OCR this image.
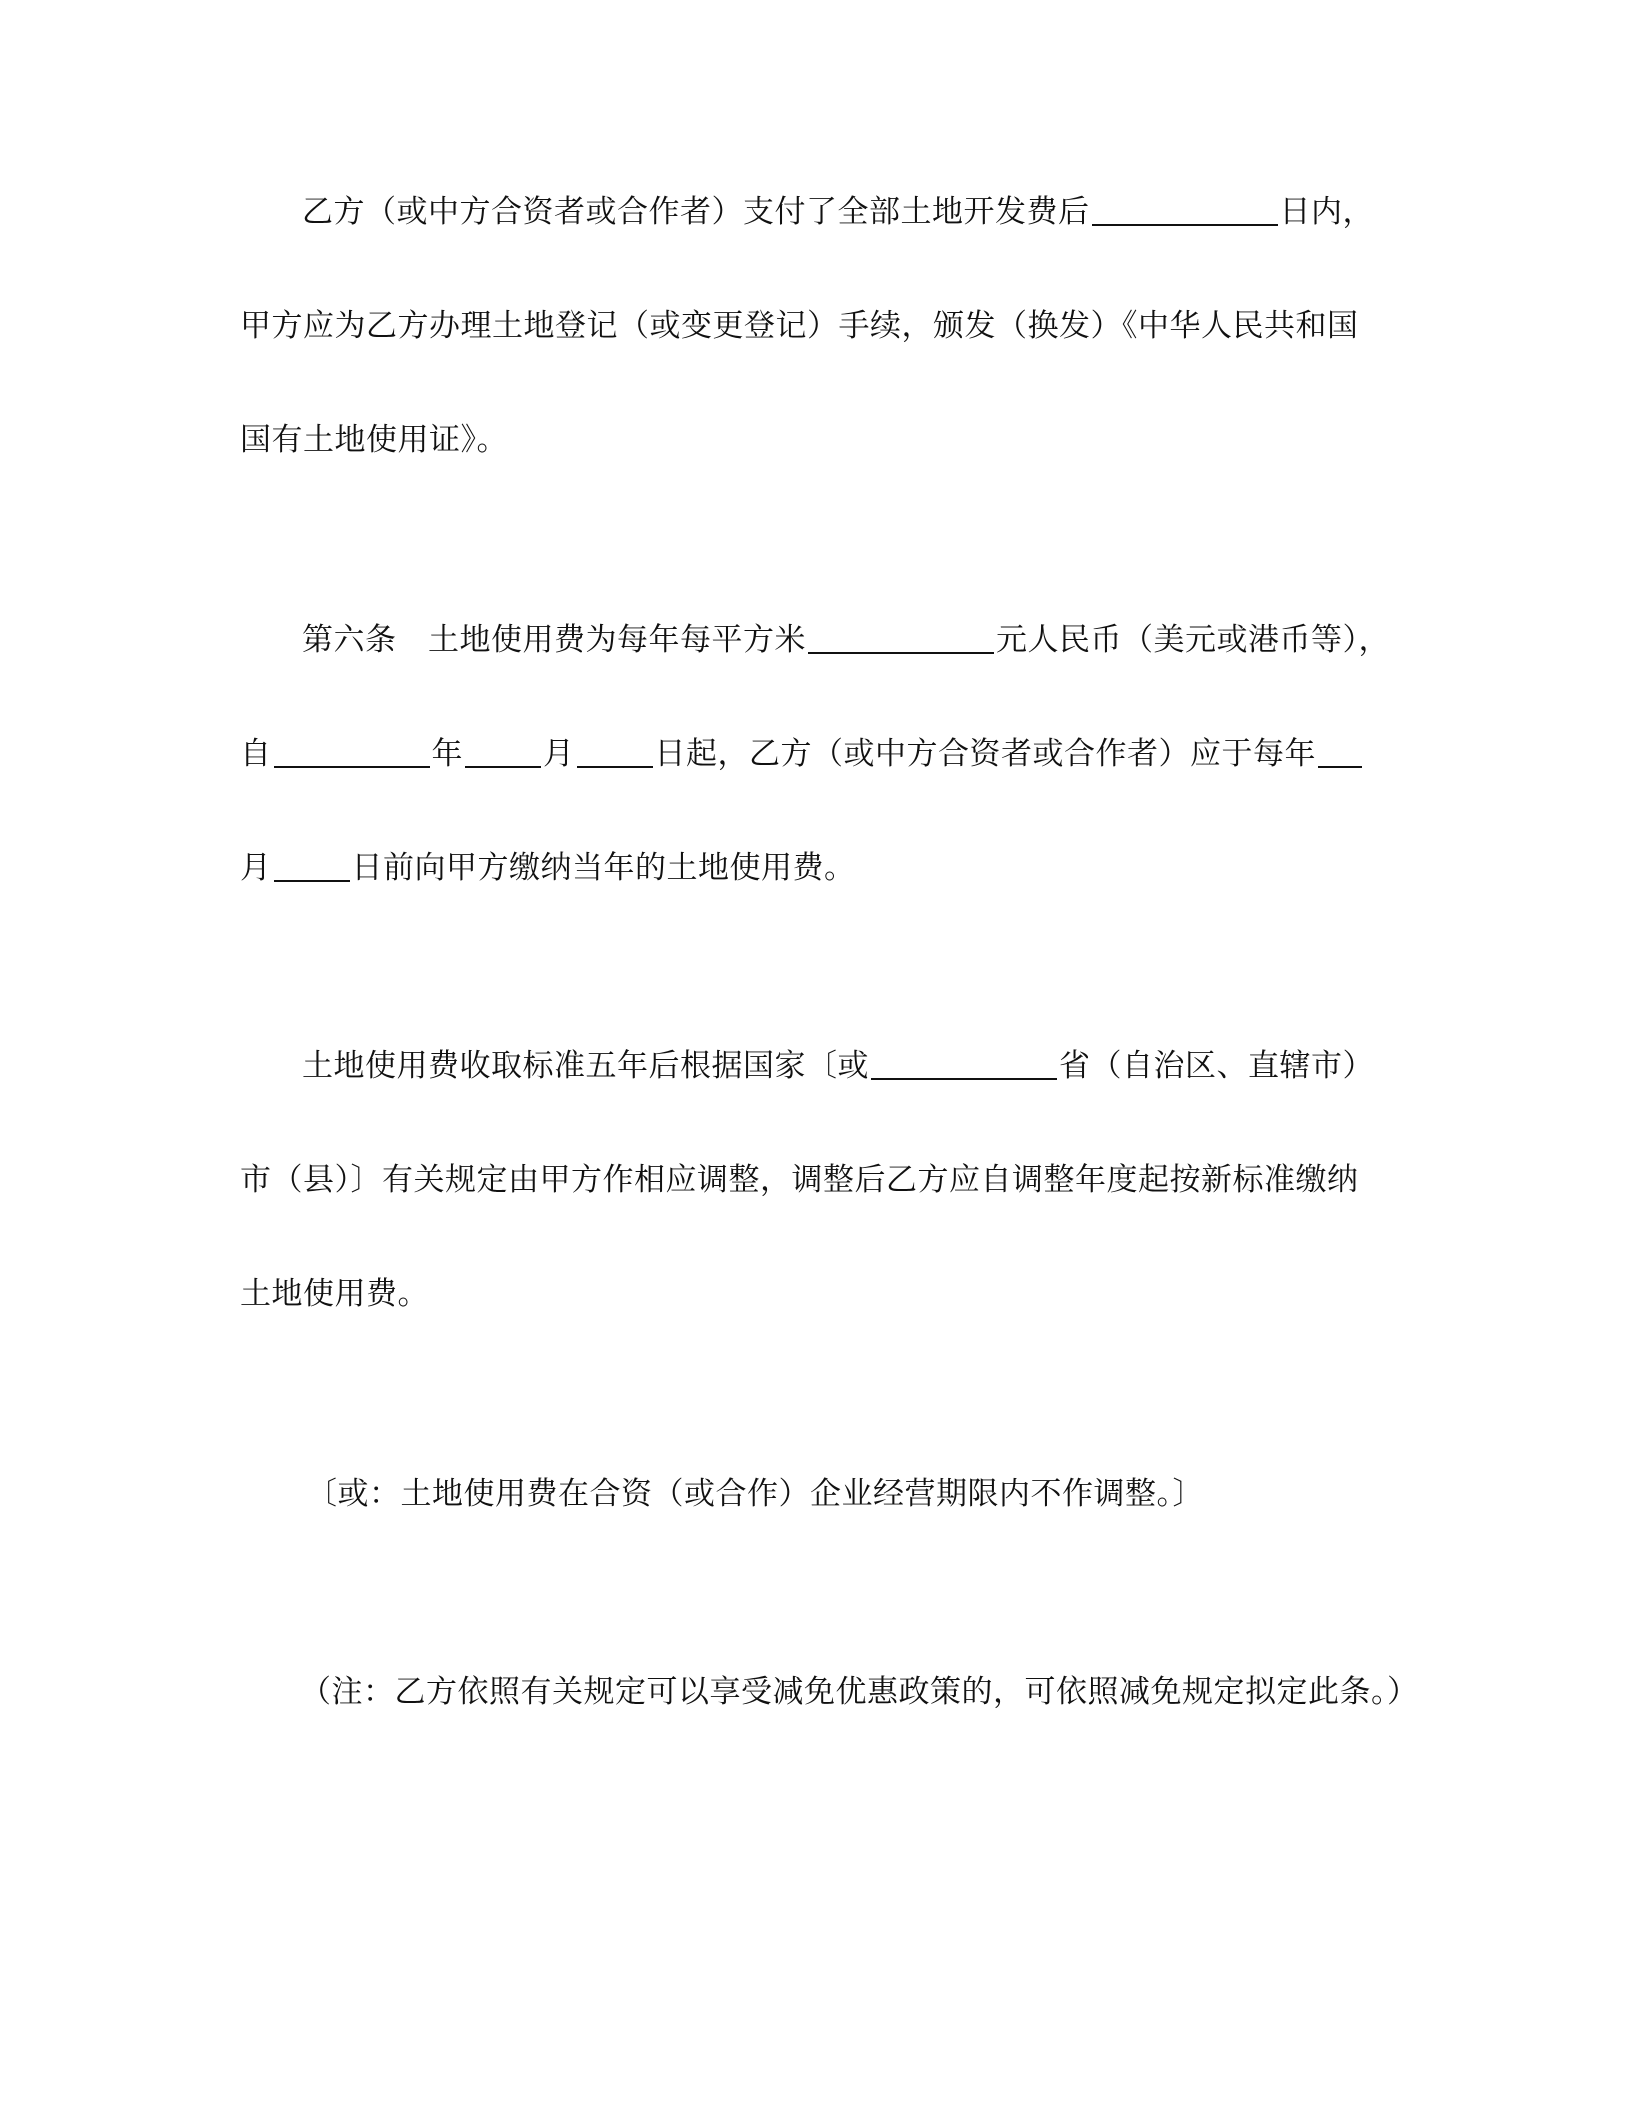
乙方（或中方合资者或合作者）支付了全部土地开发费后	日内，
甲方应为乙方办理土地登记（或变更登记）手续，颁发（换发）《中华人民共和国
国有土地使用证》。
第六条　土地使用费为每年每平方米	元人民币（美元或港币等），
自	年	月	日起，乙方（或中方合资者或合作者）应于每年
月	日前向甲方缴纳当年的土地使用费。
土地使用费收取标准五年后根据国家〔或	省（自治区、直辖市）
市（县）〕有关规定由甲方作相应调整，调整后乙方应自调整年度起按新标准缴纳
土地使用费。
〔或：土地使用费在合资（或合作）企业经营期限内不作调整。〕
（注：乙方依照有关规定可以享受减免优惠政策的，可依照减免规定拟定此条。）
